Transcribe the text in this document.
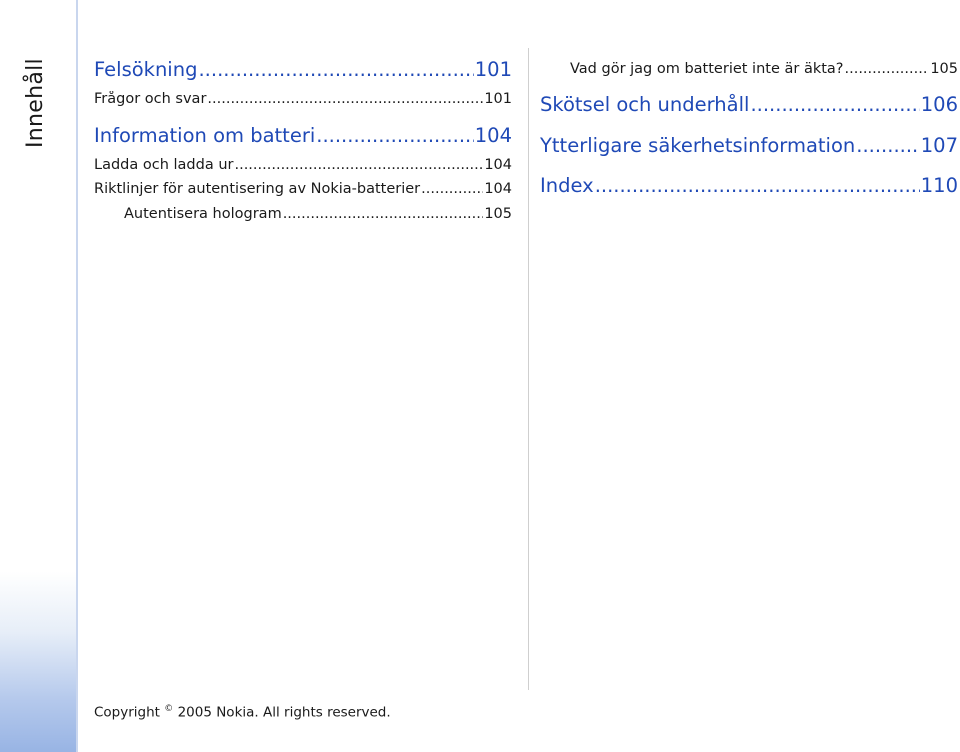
Innehåll Felsökning .....	101
Frågor och svar .....	101
Information om batteri .....	104
Ladda och ladda ur .....	104
Riktlinjer för autentisering av Nokia-batterier .....	104
Autentisera hologram .....	105
Vad gör jag om batteriet inte är äkta? .....	105
Skötsel och underhåll .....	106
Ytterligare säkerhetsinformation .....	107
Index .....	110
Copyright © 2005 Nokia. All rights reserved.
